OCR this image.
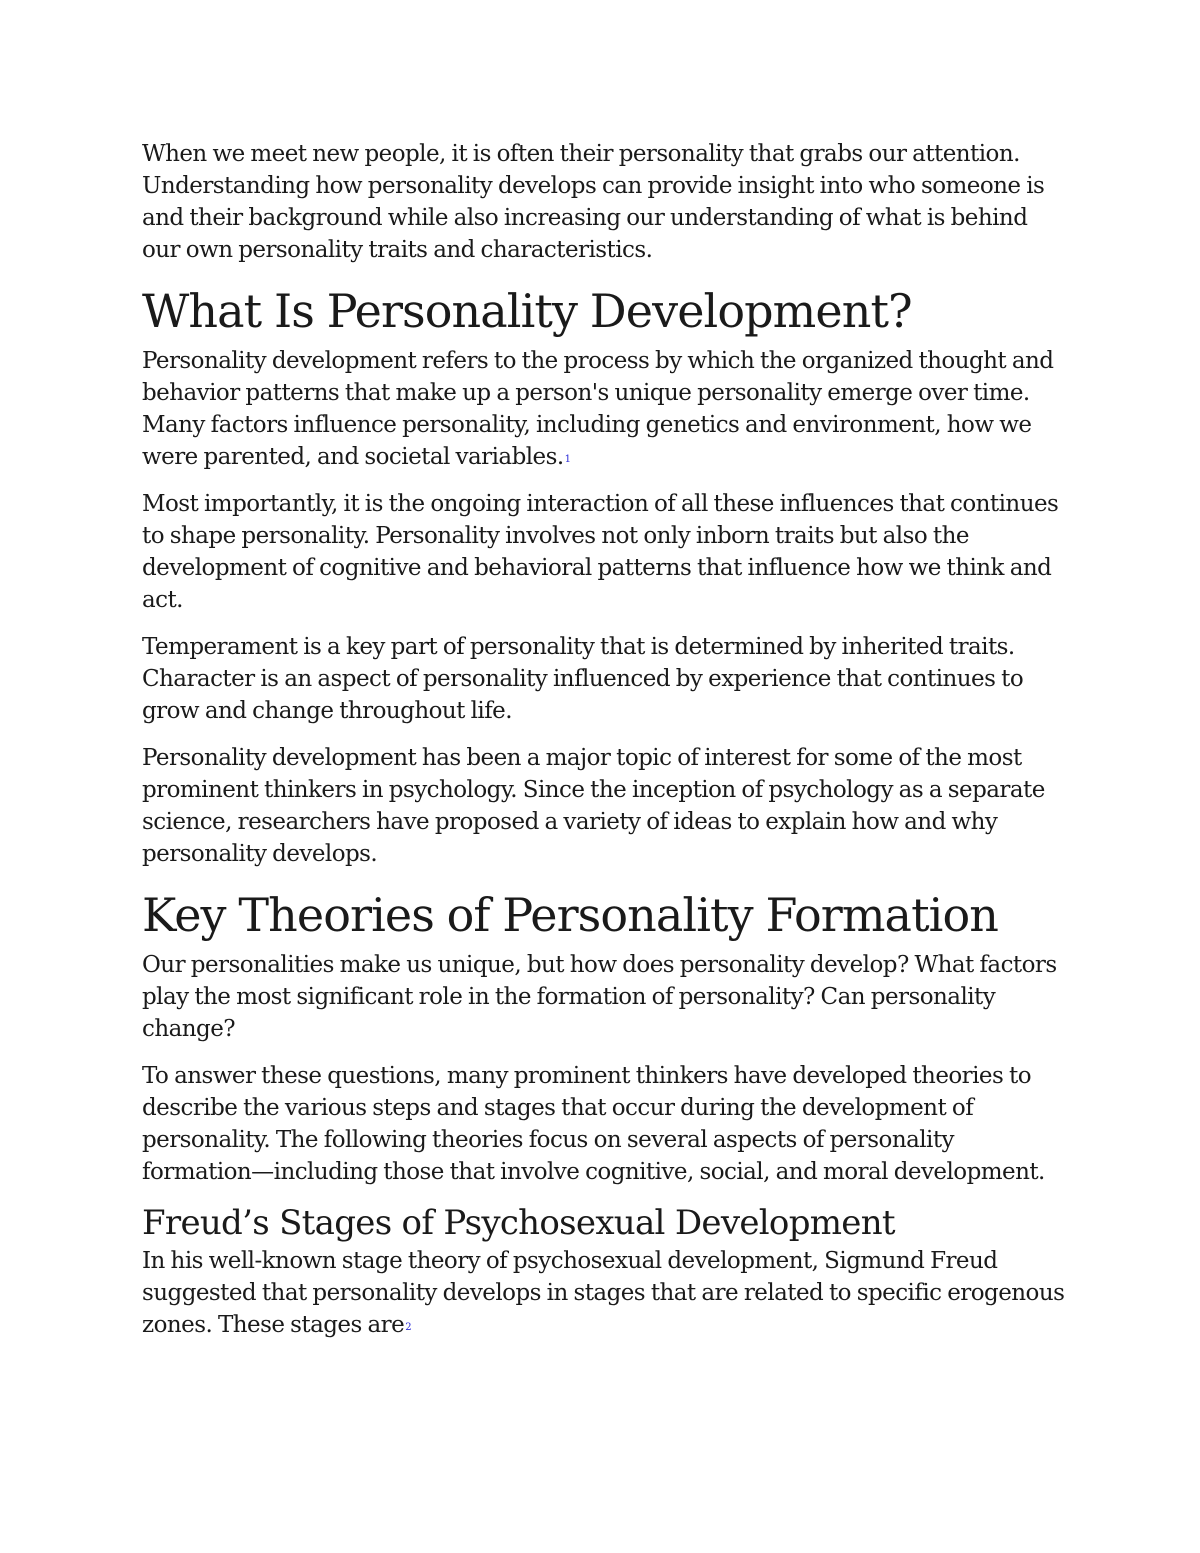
When we meet new people, it is often their personality that grabs our attention. Understanding how personality develops can provide insight into who someone is and their background while also increasing our understanding of what is behind our own personality traits and characteristics.

What Is Personality Development?

Personality development refers to the process by which the organized thought and behavior patterns that make up a person's unique personality emerge over time. Many factors influence personality, including genetics and environment, how we were parented, and societal variables.$^1$

Most importantly, it is the ongoing interaction of all these influences that continues to shape personality. Personality involves not only inborn traits but also the development of cognitive and behavioral patterns that influence how we think and act.

Temperament is a key part of personality that is determined by inherited traits. Character is an aspect of personality influenced by experience that continues to grow and change throughout life.

Personality development has been a major topic of interest for some of the most prominent thinkers in psychology. Since the inception of psychology as a separate science, researchers have proposed a variety of ideas to explain how and why personality develops.

Key Theories of Personality Formation

Our personalities make us unique, but how does personality develop? What factors play the most significant role in the formation of personality? Can personality change?

To answer these questions, many prominent thinkers have developed theories to describe the various steps and stages that occur during the development of personality. The following theories focus on several aspects of personality formation—including those that involve cognitive, social, and moral development.

Freud’s Stages of Psychosexual Development

In his well-known stage theory of psychosexual development, Sigmund Freud suggested that personality develops in stages that are related to specific erogenous zones. These stages are$^2$
